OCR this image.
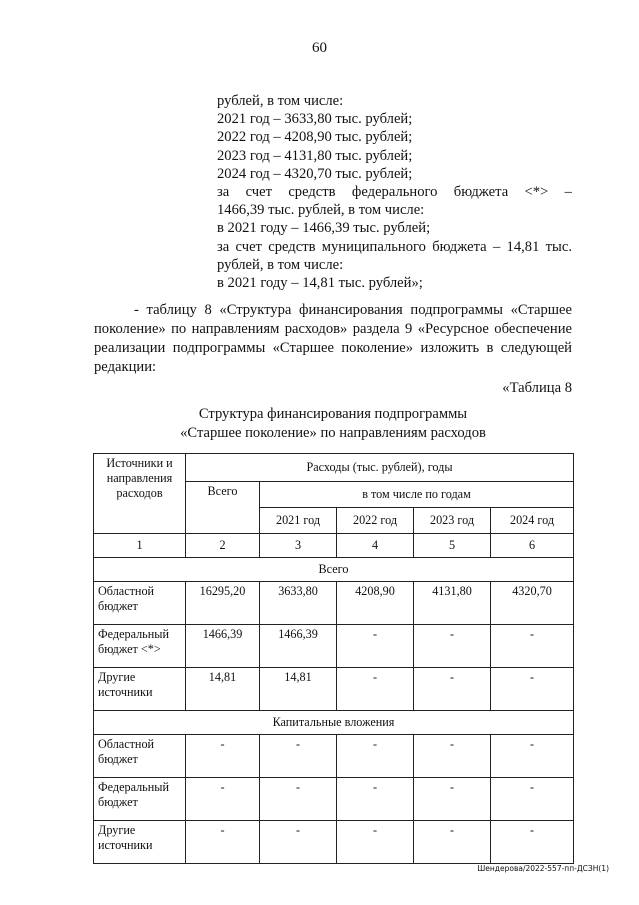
60
рублей, в том числе:
2021 год – 3633,80 тыс. рублей;
2022 год – 4208,90 тыс. рублей;
2023 год – 4131,80 тыс. рублей;
2024 год – 4320,70 тыс. рублей;
за счет средств федерального бюджета <*> –
1466,39 тыс. рублей, в том числе:
в 2021 году – 1466,39 тыс. рублей;
за счет средств муниципального бюджета – 14,81 тыс.
рублей, в том числе:
в 2021 году – 14,81 тыс. рублей»;
- таблицу 8 «Структура финансирования подпрограммы «Старшее поколение» по направлениям расходов» раздела 9 «Ресурсное обеспечение реализации подпрограммы «Старшее поколение» изложить в следующей редакции:
«Таблица 8
Структура финансирования подпрограммы
«Старшее поколение» по направлениям расходов
Источники и направления расходов	Расходы (тыс. рублей), годы				
	Всего	в том числе по годам			
		2021 год	2022 год	2023 год	2024 год
1	2	3	4	5	6
Всего					
Областной бюджет	16295,20	3633,80	4208,90	4131,80	4320,70
Федеральный бюджет <*>	1466,39	1466,39	-	-	-
Другие источники	14,81	14,81	-	-	-
Капитальные вложения					
Областной бюджет	-	-	-	-	-
Федеральный бюджет	-	-	-	-	-
Другие источники	-	-	-	-	-
Шендерова/2022-557-пп-ДСЗН(1)
